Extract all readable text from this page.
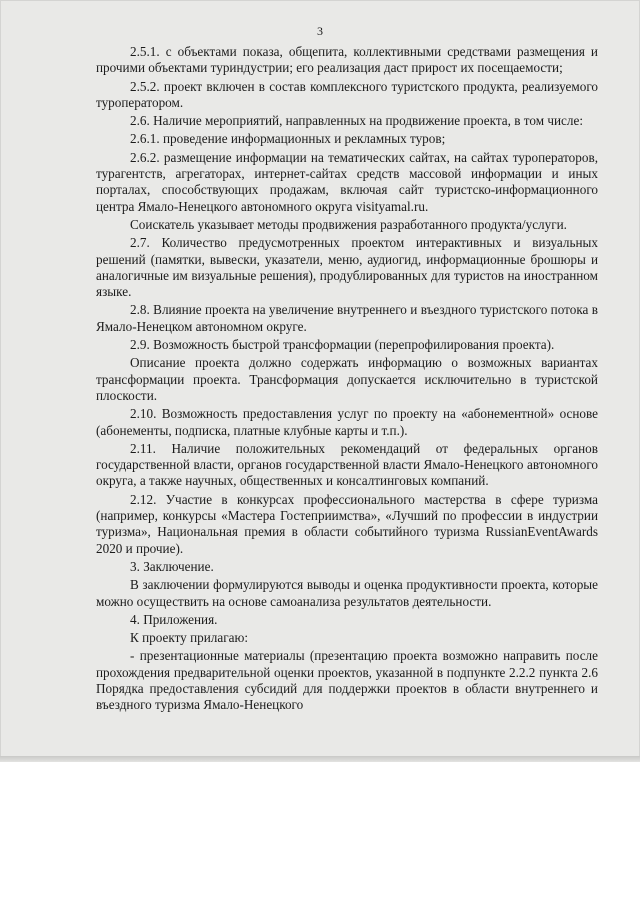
3

2.5.1. с объектами показа, общепита, коллективными средствами размещения и прочими объектами туриндустрии; его реализация даст прирост их посещаемости;

2.5.2. проект включен в состав комплексного туристского продукта, реализуемого туроператором.

2.6. Наличие мероприятий, направленных на продвижение проекта, в том числе:

2.6.1. проведение информационных и рекламных туров;

2.6.2. размещение информации на тематических сайтах, на сайтах туроператоров, турагентств, агрегаторах, интернет-сайтах средств массовой информации и иных порталах, способствующих продажам, включая сайт туристско-информационного центра Ямало-Ненецкого автономного округа visityamal.ru.

Соискатель указывает методы продвижения разработанного продукта/услуги.

2.7. Количество предусмотренных проектом интерактивных и визуальных решений (памятки, вывески, указатели, меню, аудиогид, информационные брошюры и аналогичные им визуальные решения), продублированных для туристов на иностранном языке.

2.8. Влияние проекта на увеличение внутреннего и въездного туристского потока в Ямало-Ненецком автономном округе.

2.9. Возможность быстрой трансформации (перепрофилирования проекта).

Описание проекта должно содержать информацию о возможных вариантах трансформации проекта. Трансформация допускается исключительно в туристской плоскости.

2.10. Возможность предоставления услуг по проекту на «абонементной» основе (абонементы, подписка, платные клубные карты и т.п.).

2.11. Наличие положительных рекомендаций от федеральных органов государственной власти, органов государственной власти Ямало-Ненецкого автономного округа, а также научных, общественных и консалтинговых компаний.

2.12. Участие в конкурсах профессионального мастерства в сфере туризма (например, конкурсы «Мастера Гостеприимства», «Лучший по профессии в индустрии туризма», Национальная премия в области событийного туризма RussianEventAwards 2020 и прочие).

3. Заключение.

В заключении формулируются выводы и оценка продуктивности проекта, которые можно осуществить на основе самоанализа результатов деятельности.

4. Приложения.

К проекту прилагаю:

- презентационные материалы (презентацию проекта возможно направить после прохождения предварительной оценки проектов, указанной в подпункте 2.2.2 пункта 2.6 Порядка предоставления субсидий для поддержки проектов в области внутреннего и въездного туризма Ямало-Ненецкого
